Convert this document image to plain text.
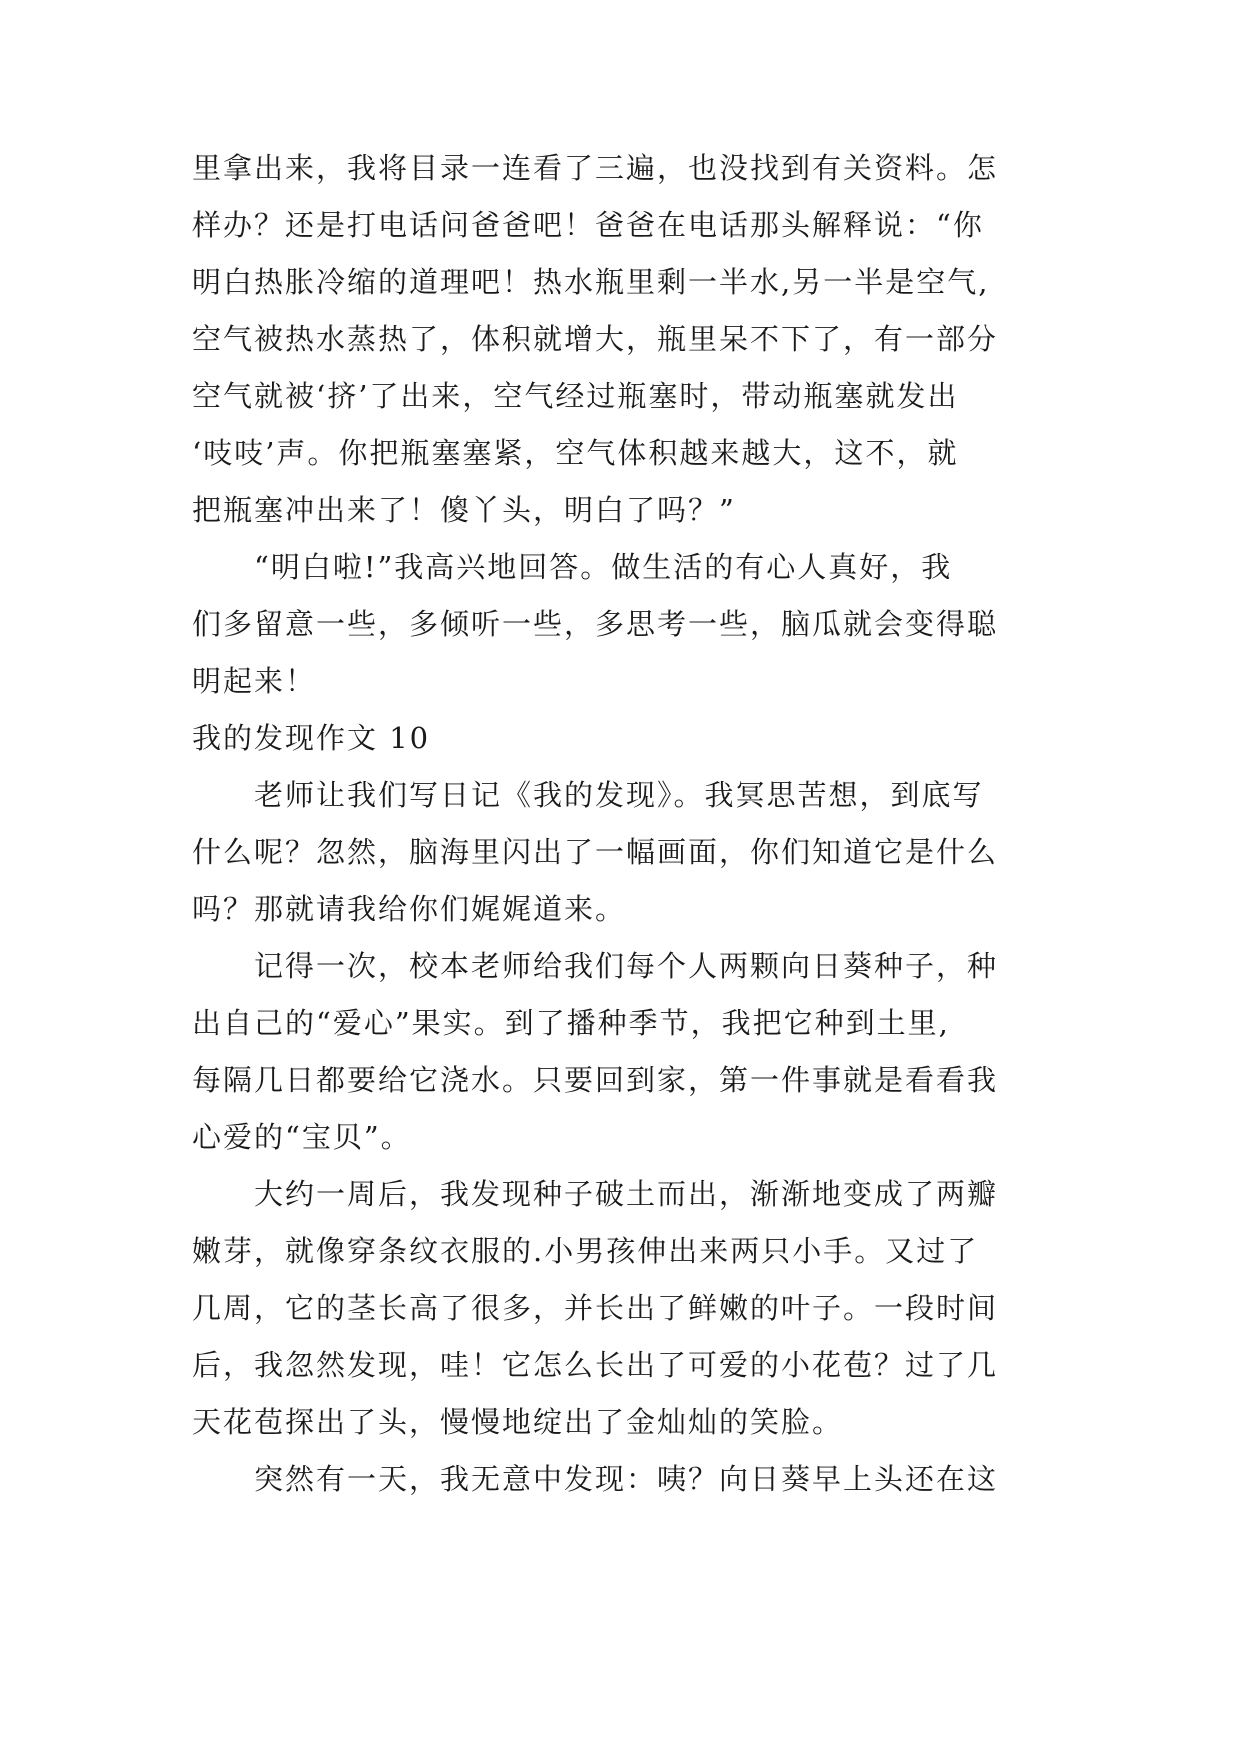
里拿出来，我将目录一连看了三遍，也没找到有关资料。怎
样办？还是打电话问爸爸吧！爸爸在电话那头解释说：“你
明白热胀冷缩的道理吧！热水瓶里剩一半水,另一半是空气,
空气被热水蒸热了，体积就增大，瓶里呆不下了，有一部分
空气就被‘挤’了出来，空气经过瓶塞时，带动瓶塞就发出
‘吱吱’声。你把瓶塞塞紧，空气体积越来越大，这不，就
把瓶塞冲出来了！傻丫头，明白了吗？”
“明白啦!”我高兴地回答。做生活的有心人真好，我
们多留意一些，多倾听一些，多思考一些，脑瓜就会变得聪
明起来！
我的发现作文 10
老师让我们写日记《我的发现》。我冥思苦想，到底写
什么呢？忽然，脑海里闪出了一幅画面，你们知道它是什么
吗？那就请我给你们娓娓道来。
记得一次，校本老师给我们每个人两颗向日葵种子，种
出自己的“爱心”果实。到了播种季节，我把它种到土里,
每隔几日都要给它浇水。只要回到家，第一件事就是看看我
心爱的“宝贝”。
大约一周后，我发现种子破土而出，渐渐地变成了两瓣
嫩芽，就像穿条纹衣服的.小男孩伸出来两只小手。又过了
几周，它的茎长高了很多，并长出了鲜嫩的叶子。一段时间
后，我忽然发现，哇！它怎么长出了可爱的小花苞？过了几
天花苞探出了头，慢慢地绽出了金灿灿的笑脸。
突然有一天，我无意中发现：咦？向日葵早上头还在这
